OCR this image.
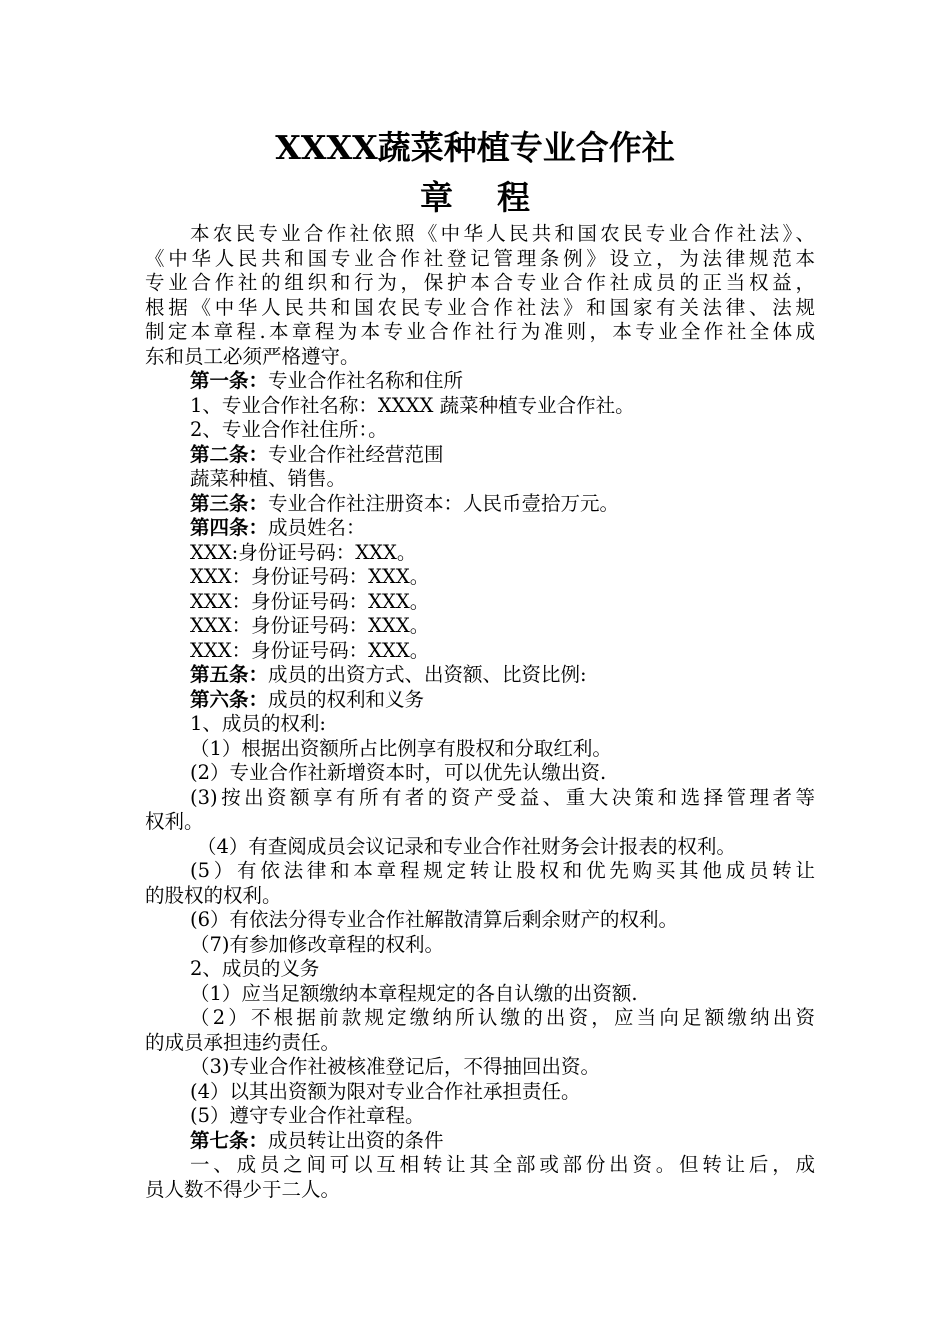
XXXX蔬菜种植专业合作社
章程
本农民专业合作社依照《中华人民共和国农民专业合作社法》、
《中华人民共和国专业合作社登记管理条例》设立，为法律规范本
专业合作社的组织和行为，保护本合专业合作社成员的正当权益，
根据《中华人民共和国农民专业合作社法》和国家有关法律、法规
制定本章程.本章程为本专业合作社行为准则，本专业全作社全体成
东和员工必须严格遵守。
第一条：专业合作社名称和住所
1、专业合作社名称：XXXX 蔬菜种植专业合作社。
2、专业合作社住所：。
第二条：专业合作社经营范围
蔬菜种植、销售。
第三条：专业合作社注册资本：人民币壹拾万元。
第四条：成员姓名：
XXX:身份证号码：XXX。
XXX：身份证号码：XXX。
XXX：身份证号码：XXX。
XXX：身份证号码：XXX。
XXX：身份证号码：XXX。
第五条：成员的出资方式、出资额、比资比例:
第六条：成员的权利和义务
1、成员的权利:
（1）根据出资额所占比例享有股权和分取红利。
(2）专业合作社新增资本时，可以优先认缴出资.
(3)按出资额享有所有者的资产受益、重大决策和选择管理者等
权利。
（4）有查阅成员会议记录和专业合作社财务会计报表的权利。
(5）有依法律和本章程规定转让股权和优先购买其他成员转让
的股权的权利。
(6）有依法分得专业合作社解散清算后剩余财产的权利。
（7)有参加修改章程的权利。
2、成员的义务
（1）应当足额缴纳本章程规定的各自认缴的出资额.
（2）不根据前款规定缴纳所认缴的出资，应当向足额缴纳出资
的成员承担违约责任。
（3)专业合作社被核准登记后，不得抽回出资。
(4）以其出资额为限对专业合作社承担责任。
(5）遵守专业合作社章程。
第七条：成员转让出资的条件
一、成员之间可以互相转让其全部或部份出资。但转让后，成
员人数不得少于二人。
